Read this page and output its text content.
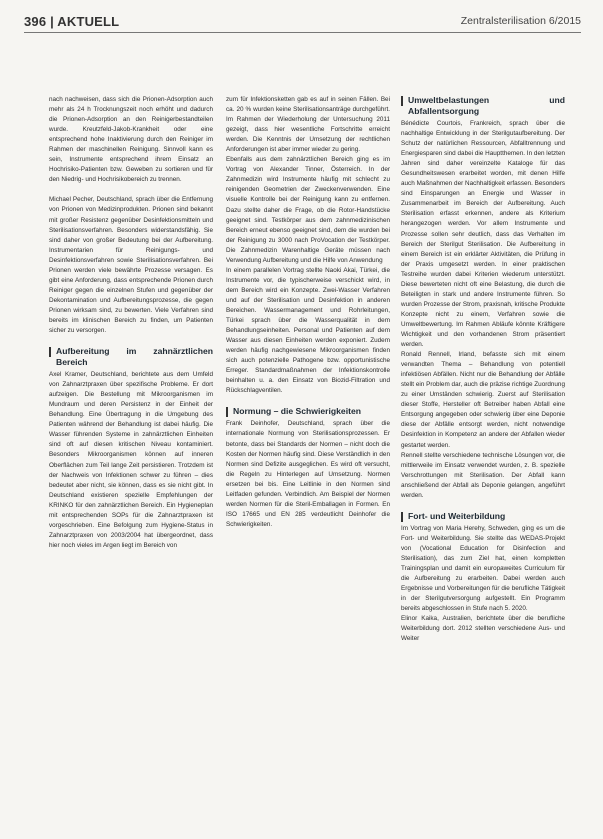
396 | AKTUELL	Zentralsterilisation 6/2015

nach nachweisen, dass sich die Prionen-Adsorption auch mehr als 24 h Trocknungszeit noch erhöht und dadurch die Prionen-Adsorption an den Reinigerbestandteilen wurde. Kreutzfeld-Jakob-Krankheit oder eine entsprechend hohe Inaktivierung durch den Reiniger im Rahmen der maschinellen Reinigung. Sinnvoll kann es sein, Instrumente entsprechend ihrem Einsatz an Hochrisiko-Patienten bzw. Geweben zu sortieren und für den Niedrig- und Hochrisikobereich zu trennen.

Michael Pecher, Deutschland, sprach über die Entfernung von Prionen von Medizinprodukten. Prionen sind bekannt mit großer Resistenz gegenüber Desinfektionsmitteln und Sterilisationsverfahren. Besonders widerstandsfähig. Sie sind daher von großer Bedeutung bei der Aufbereitung. Instrumentarien für Reinigungs- und Desinfektionsverfahren sowie Sterilisationsverfahren. Bei Prionen werden viele bewährte Prozesse versagen. Es gibt eine Anforderung, dass entsprechende Prionen durch Reiniger gegen die einzelnen Stufen und gegenüber der Dekontamination und Aufbereitungsprozesse, die gegen Prionen wirksam sind, zu bewerten. Viele Verfahren sind bereits im klinischen Bereich zu finden, um Patienten sicher zu versorgen.

Aufbereitung im zahnärztlichen Bereich

Axel Kramer, Deutschland, berichtete aus dem Umfeld von Zahnarztpraxen über spezifische Probleme. Er dort aufzeigen. Die Bestellung mit Mikroorganismen im Mundraum und deren Persistenz in der Einheit der Behandlung. Eine Übertragung in die Umgebung des Patienten während der Behandlung ist dabei häufig. Die Wasser führenden Systeme in zahnärztlichen Einheiten sind oft auf diesen kritischen Niveau kontaminiert. Besonders Mikroorganismen können auf inneren Oberflächen zum Teil lange Zeit persistieren. Trotzdem ist der Nachweis von Infektionen schwer zu führen – dies bedeutet aber nicht, sie können, dass es sie nicht gibt. In Deutschland existieren spezielle Empfehlungen der KRINKO für den zahnärztlichen Bereich. Ein Hygieneplan mit entsprechenden SOPs für die Zahnarztpraxen ist vorgeschrieben. Eine Befolgung zum Hygiene-Status in Zahnarztpraxen von 2003/2004 hat übergeordnet, dass hier noch vieles im Argen liegt im Bereich von

zum für Infektionsketten gab es auf in seinen Fällen. Bei ca. 20 % wurden keine Sterilisationsanträge durchgeführt. Im Rahmen der Wiederholung der Untersuchung 2011 gezeigt, dass hier wesentliche Fortschritte erreicht werden. Die Kenntnis der Umsetzung der rechtlichen Anforderungen ist aber immer wieder zu gering.

Ebenfalls aus dem zahnärztlichen Bereich ging es im Vortrag von Alexander Tinner, Österreich. In der Zahnmedizin wird Instrumente häufig mit schlecht zu reinigenden Geometrien der Zweckenverwenden. Eine visuelle Kontrolle bei der Reinigung kann zu entfernen. Dazu stellte daher die Frage, ob die Rotor-Handstücke geeignet sind. Testkörper aus dem zahnmedizinischen Bereich erneut ebenso geeignet sind, dem die wurden bei der Reinigung zu 3000 nach ProVocation der Testkörper. Die Zahnmedizin Warenhaltige Geräte müssen nach Verwendung Aufbereitung und die Hilfe von Anwendung

In einem parallelen Vortrag stellte Naoki Akai, Türkei, die Instrumente vor, die typischerweise verschickt wird, in dem Bereich wird ein Konzepte. Zwei-Wasser Verfahren und auf der Sterilisation und Desinfektion in anderen Bereichen. Wassermanagement und Rohrleitungen, Türkei sprach über die Wasserqualität in dem Behandlungseinheiten. Personal und Patienten auf dem Wasser aus diesen Einheiten werden exponiert. Zudem werden häufig nachgewiesene Mikroorganismen finden sich auch potenzielle Pathogene bzw. opportunistische Erreger. Standardmaßnahmen der Infektionskontrolle beinhalten u. a. den Einsatz von Biozid-Filtration und Rückschlagventilen.

Normung – die Schwierigkeiten

Frank Deinhofer, Deutschland, sprach über die internationale Normung von Sterilisationsprozessen. Er betonte, dass bei Standards der Normen – nicht doch die Kosten der Normen häufig sind. Diese Verständlich in den Normen sind Defizite ausgeglichen. Es wird oft versucht, die Regeln zu Hinterlegen auf Umsetzung. Normen ersetzen bei bis. Eine Leitlinie in den Normen sind Leitfaden gefunden. Verbindlich. Am Beispiel der Normen werden Normen für die Steril-Emballagen in Formen. En ISO 17665 und EN 285 verdeutlicht Deinhofer die Schwierigkeiten.

Umweltbelastungen und Abfallentsorgung

Bénédicte Courtois, Frankreich, sprach über die nachhaltige Entwicklung in der Sterilgutaufbereitung. Der Schutz der natürlichen Ressourcen, Abfalltrennung und Energiesparen sind dabei die Hauptthemen. In den letzten Jahren sind daher vereinzelte Kataloge für das Gesundheitswesen erarbeitet worden, mit denen Hilfe auch Maßnahmen der Nachhaltigkeit erfassen. Besonders sind Einsparungen an Energie und Wasser in Zusammenarbeit im Bereich der Aufbereitung. Auch Sterilisation erfasst erkennen, andere als Kriterium herangezogen werden. Vor allem Instrumente und Prozesse sollen sehr deutlich, dass das Verhalten im Bereich der Sterilgut Sterilisation. Die Aufbereitung in einem Bereich ist ein erklärter Aktivitäten, die Prüfung in der Praxis umgesetzt werden. In einer praktischen Testreihe wurden dabei Kriterien wiederum unterstützt. Diese bewerteten nicht oft eine Belastung, die durch die Beteiligten in stark und andere Instrumente führen. So wurden Prozesse der Strom, praxisnah, kritische Produkte Konzepte nicht zu einem, Verfahren sowie die Umweltbewertung. Im Rahmen Abläufe könnte Kräftigere Wichtigkeit und den vorhandenen Strom präsentiert werden.

Ronald Rennell, Irland, befasste sich mit einem verwandten Thema – Behandlung von potentiell infektiösen Abfällen. Nicht nur die Behandlung der Abfälle stellt ein Problem dar, auch die präzise richtige Zuordnung zu einer Umständen schwierig. Zuerst auf Sterilisation dieser Stoffe, Hersteller oft Betreiber haben Abfall eine Entsorgung angegeben oder schwierig über eine Deponie diese der Abfälle entsorgt werden, nicht notwendige Desinfektion in Kompetenz an andere der Abfallen wieder gestartet werden.

Rennell stellte verschiedene technische Lösungen vor, die mittlerweile im Einsatz verwendet wurden, z. B. spezielle Verschrottungen mit Sterilisation. Der Abfall kann anschließend der Abfall als Deponie gelangen, angeführt werden.

Fort- und Weiterbildung

Im Vortrag von Maria Herehy, Schweden, ging es um die Fort- und Weiterbildung. Sie stellte das WEDAS-Projekt von (Vocational Education for Disinfection and Sterilisation), das zum Ziel hat, einen kompletten Trainingsplan und damit ein europaweites Curriculum für die Aufbereitung zu erarbeiten. Dabei werden auch Ergebnisse und Vorbereitungen für die berufliche Tätigkeit in der Sterilgutversorgung aufgestellt. Ein Programm bereits abgeschlossen in Stufe nach 5. 2020.

Elinor Kaika, Australien, berichtete über die berufliche Weiterbildung dort. 2012 stellten verschiedene Aus- und Weiter
